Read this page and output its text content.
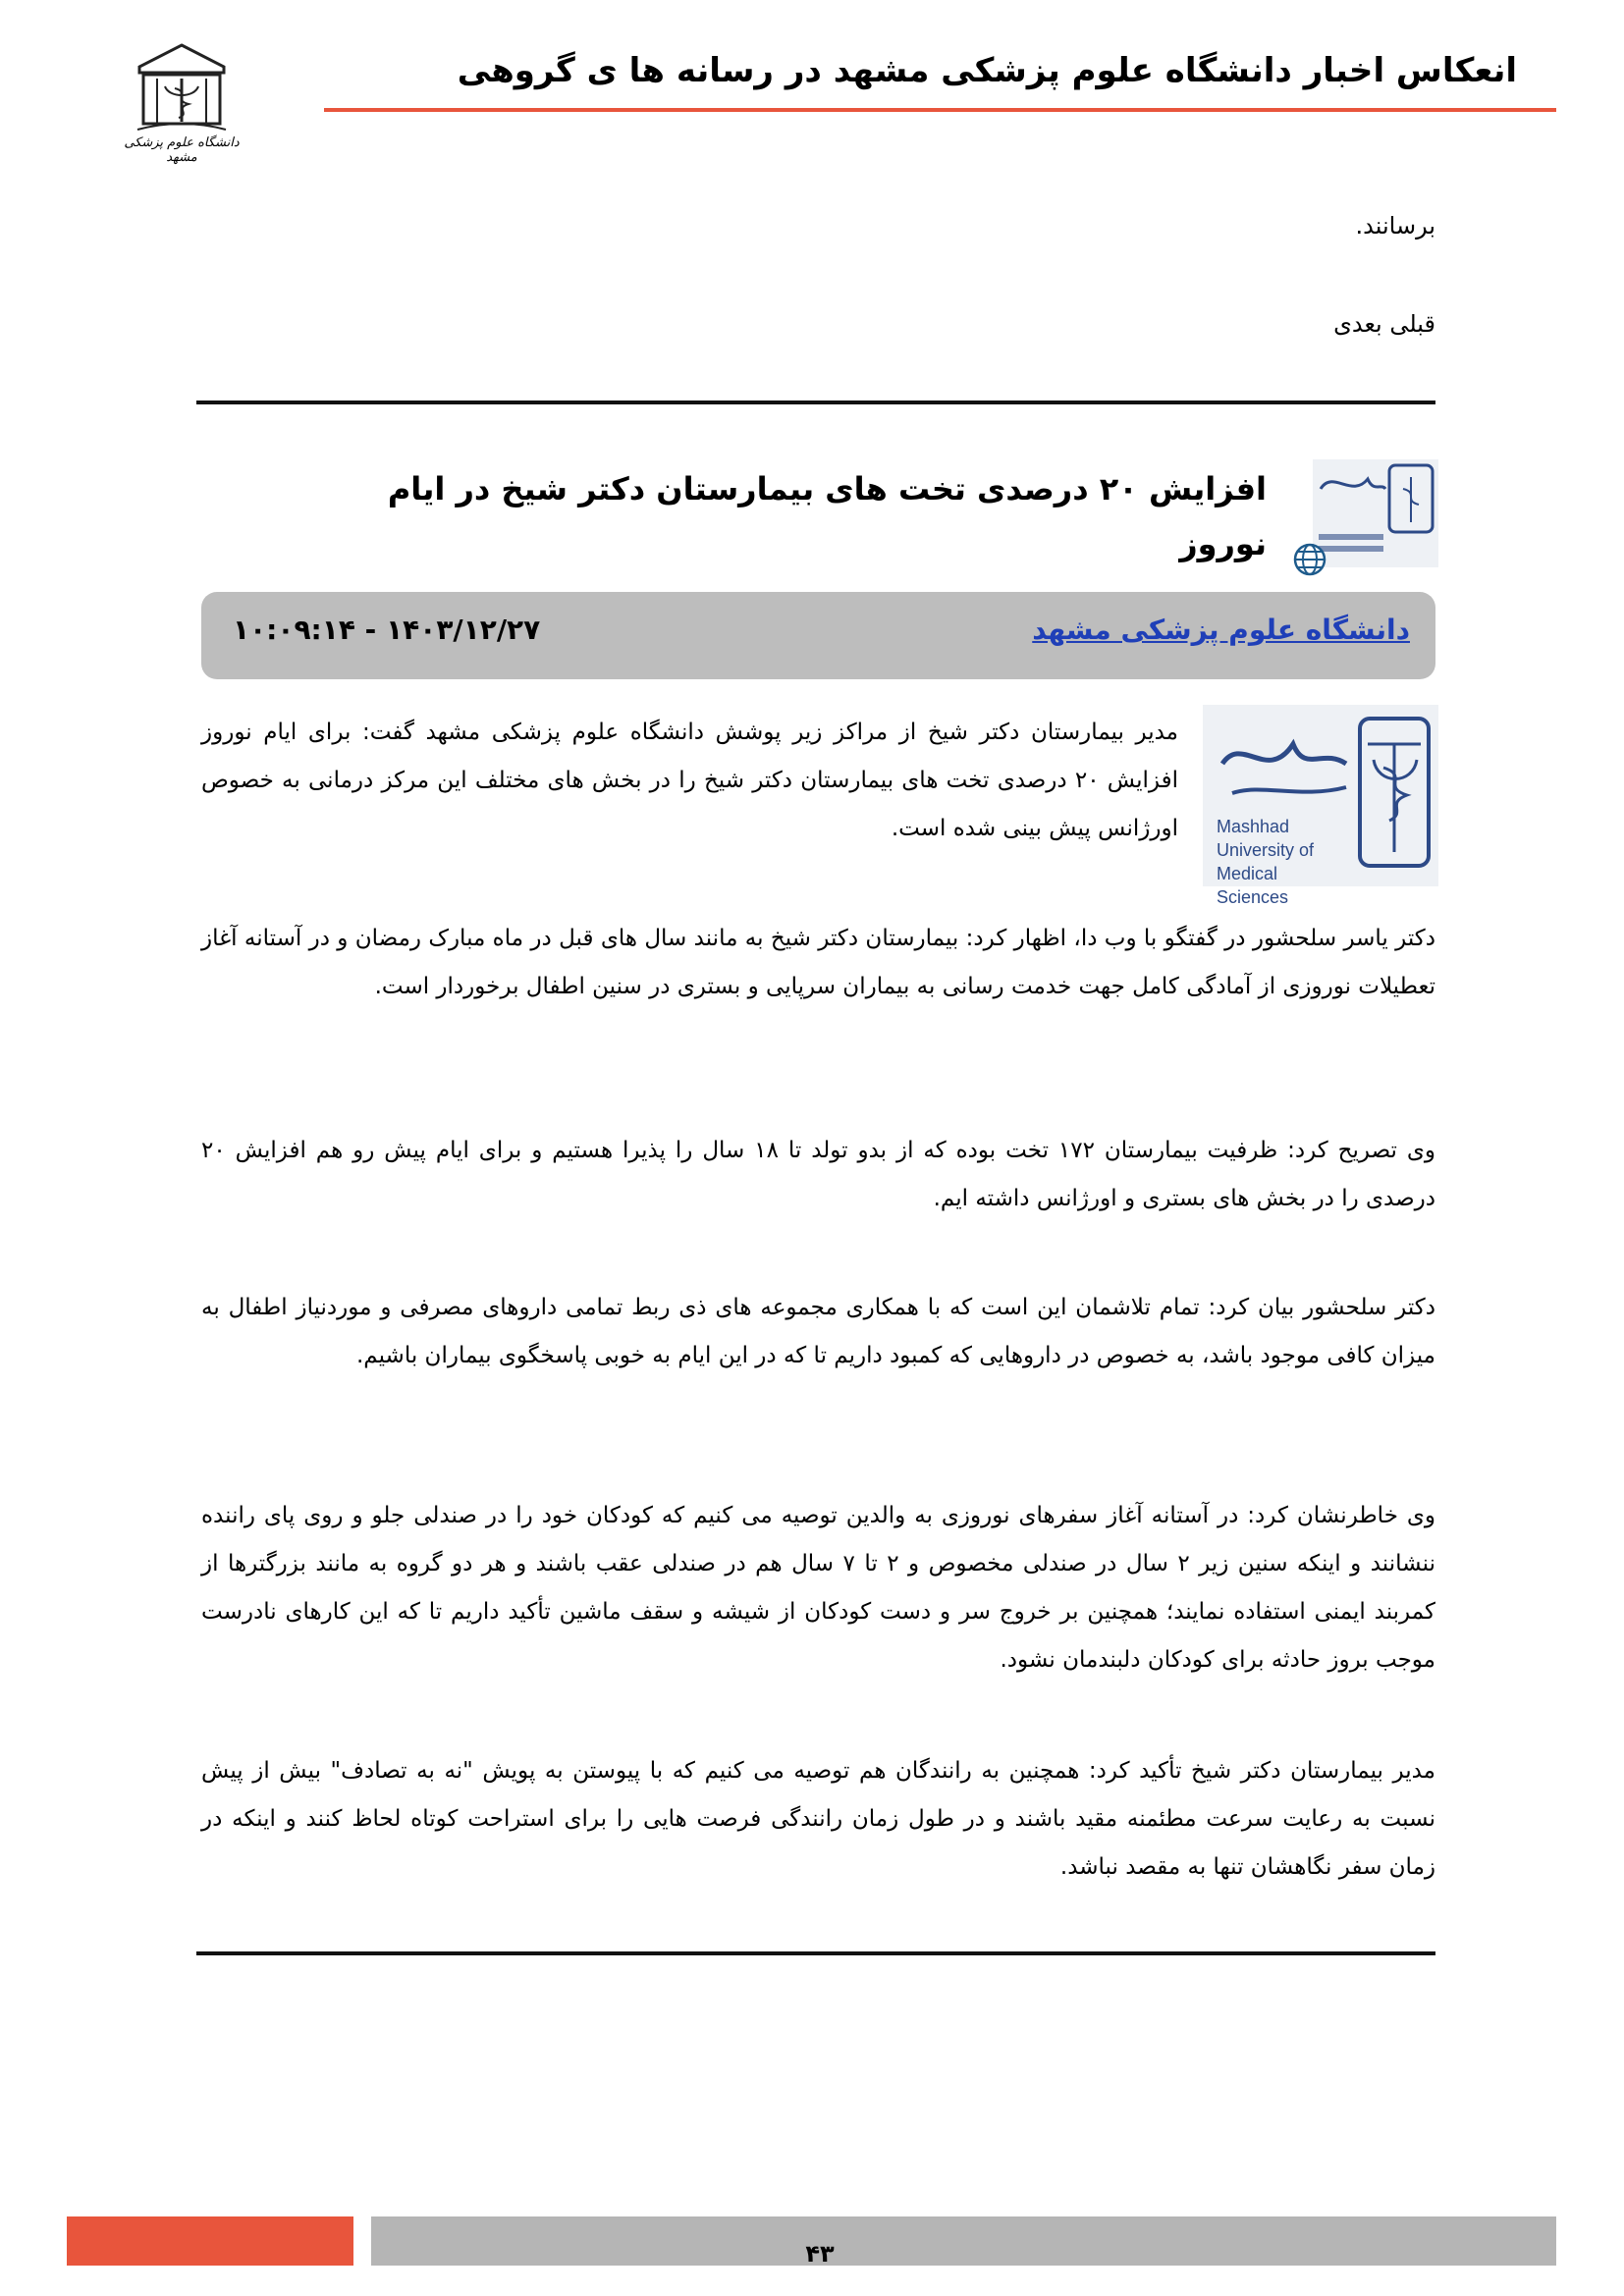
دانشگاه علوم پزشکی مشهد
انعکاس اخبار دانشگاه علوم پزشکی مشهد در رسانه ها ی گروهی
برسانند.
قبلی بعدی
افزایش ۲۰ درصدی تخت های بیمارستان دکتر شیخ در ایام نوروز
دانشگاه علوم پزشکی مشهد
۱۴۰۳/۱۲/۲۷ - ۱۰:۰۹:۱۴
Mashhad University of Medical Sciences
مدیر بیمارستان دکتر شیخ از مراکز زیر پوشش دانشگاه علوم پزشکی مشهد گفت: برای ایام نوروز افزایش ۲۰ درصدی تخت های بیمارستان دکتر شیخ را در بخش های مختلف این مرکز درمانی به خصوص اورژانس پیش بینی شده است.
دکتر یاسر سلحشور در گفتگو با وب دا، اظهار کرد: بیمارستان دکتر شیخ به مانند سال های قبل در ماه مبارک رمضان و در آستانه آغاز تعطیلات نوروزی از آمادگی کامل جهت خدمت رسانی به بیماران سرپایی و بستری در سنین اطفال برخوردار است.
وی تصریح کرد: ظرفیت بیمارستان ۱۷۲ تخت بوده که از بدو تولد تا ۱۸ سال را پذیرا هستیم و برای ایام پیش رو هم افزایش ۲۰ درصدی را در بخش های بستری و اورژانس داشته ایم.
دکتر سلحشور بیان کرد: تمام تلاشمان این است که با همکاری مجموعه های ذی ربط تمامی داروهای مصرفی و موردنیاز اطفال به میزان کافی موجود باشد، به خصوص در داروهایی که کمبود داریم تا که در این ایام به خوبی پاسخگوی بیماران باشیم.
وی خاطرنشان کرد: در آستانه آغاز سفرهای نوروزی به والدین توصیه می کنیم که کودکان خود را در صندلی جلو و روی پای راننده ننشانند و اینکه سنین زیر ۲ سال در صندلی مخصوص و ۲ تا ۷ سال هم در صندلی عقب باشند و هر دو گروه به مانند بزرگترها از کمربند ایمنی استفاده نمایند؛ همچنین بر خروج سر و دست کودکان از شیشه و سقف ماشین تأکید داریم تا که این کارهای نادرست موجب بروز حادثه برای کودکان دلبندمان نشود.
مدیر بیمارستان دکتر شیخ تأکید کرد: همچنین به رانندگان هم توصیه می کنیم که با پیوستن به پویش "نه به تصادف" بیش از پیش نسبت به رعایت سرعت مطئمنه مقید باشند و در طول زمان رانندگی فرصت هایی را برای استراحت کوتاه لحاظ کنند و اینکه در زمان سفر نگاهشان تنها به مقصد نباشد.
۴۳
